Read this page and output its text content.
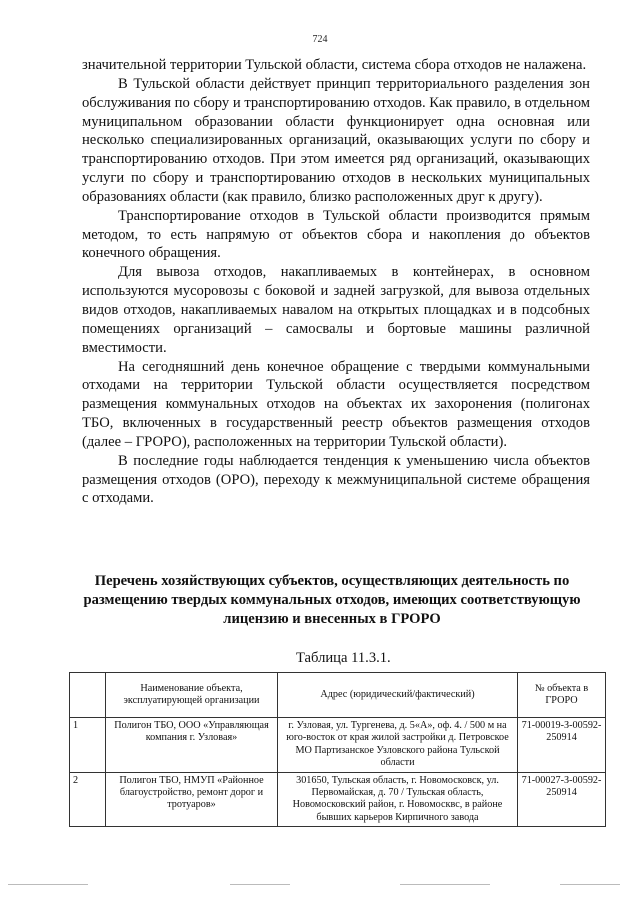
724

значительной территории Тульской области, система сбора отходов не налажена.

В Тульской области действует принцип территориального разделения зон обслуживания по сбору и транспортированию отходов. Как правило, в отдельном муниципальном образовании области функционирует одна основная или несколько специализированных организаций, оказывающих услуги по сбору и транспортированию отходов. При этом имеется ряд организаций, оказывающих услуги по сбору и транспортированию отходов в нескольких муниципальных образованиях области (как правило, близко расположенных друг к другу).

Транспортирование отходов в Тульской области производится прямым методом, то есть напрямую от объектов сбора и накопления до объектов конечного обращения.

Для вывоза отходов, накапливаемых в контейнерах, в основном используются мусоровозы с боковой и задней загрузкой, для вывоза отдельных видов отходов, накапливаемых навалом на открытых площадках и в подсобных помещениях организаций – самосвалы и бортовые машины различной вместимости.

На сегодняшний день конечное обращение с твердыми коммунальными отходами на территории Тульской области осуществляется посредством размещения коммунальных отходов на объектах их захоронения (полигонах ТБО, включенных в государственный реестр объектов размещения отходов (далее – ГРОРО), расположенных на территории Тульской области).

В последние годы наблюдается тенденция к уменьшению числа объектов размещения отходов (ОРО), переходу к межмуниципальной системе обращения с отходами.

Перечень хозяйствующих субъектов, осуществляющих деятельность по размещению твердых коммунальных отходов, имеющих соответствующую лицензию и внесенных в ГРОРО
Таблица 11.3.1.
	Наименование объекта, эксплуатирующей организации	Адрес (юридический/фактический)	№ объекта в ГРОРО
1	Полигон ТБО, ООО «Управляющая компания г. Узловая»	г. Узловая, ул. Тургенева, д. 5«А», оф. 4. / 500 м на юго-восток от края жилой застройки д. Петровское МО Партизанское Узловского района Тульской области	71-00019-З-00592-250914
2	Полигон ТБО, НМУП «Районное благоустройство, ремонт дорог и тротуаров»	301650, Тульская область, г. Новомосковск, ул. Первомайская, д. 70 / Тульская область, Новомосковский район, г. Новомосквс, в районе бывших карьеров Кирпичного завода	71-00027-З-00592-250914
